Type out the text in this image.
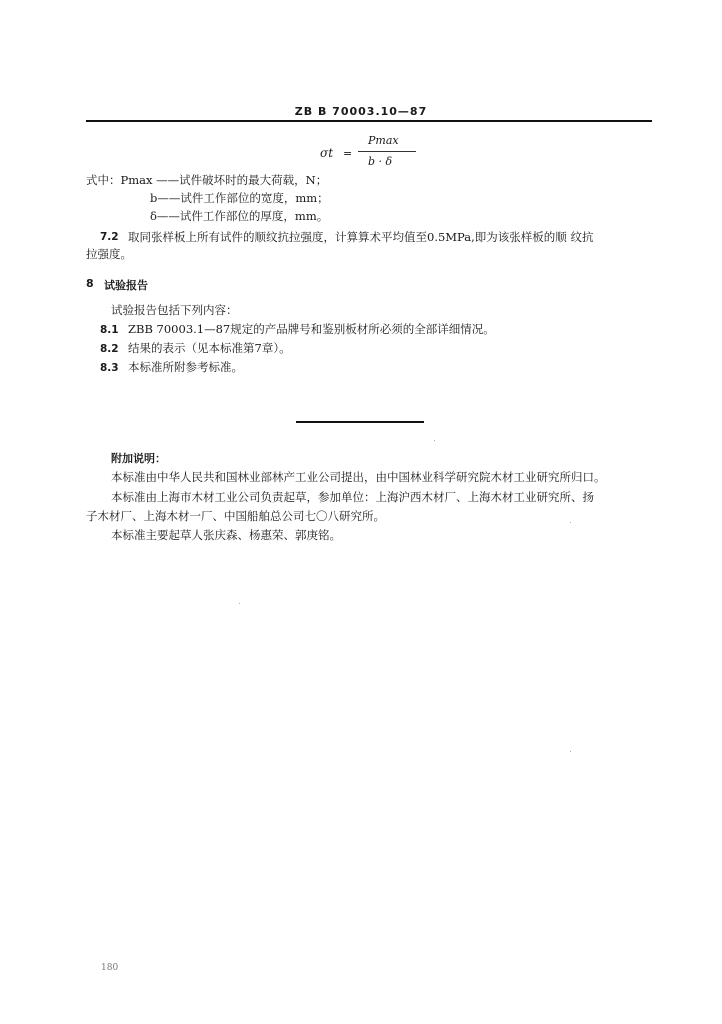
ZB B 70003.10—87
σt =
Pmax
b · δ
式中：Pmax ——试件破坏时的最大荷载，N；
b——试件工作部位的宽度，mm；
δ——试件工作部位的厚度，mm。
7.2 取同张样板上所有试件的顺纹抗拉强度，计算算术平均值至0.5MPa,即为该张样板的顺 纹抗
拉强度。
8 试验报告
试验报告包括下列内容：
8.1 ZBB 70003.1—87规定的产品牌号和鉴别板材所必须的全部详细情况。
8.2 结果的表示（见本标准第7章）。
8.3 本标准所附参考标准。
附加说明：
本标准由中华人民共和国林业部林产工业公司提出，由中国林业科学研究院木材工业研究所归口。
本标准由上海市木材工业公司负责起草，参加单位：上海沪西木材厂、上海木材工业研究所、扬
子木材厂、上海木材一厂、中国船舶总公司七〇八研究所。
本标准主要起草人张庆森、杨惠荣、郭庚铭。
180
